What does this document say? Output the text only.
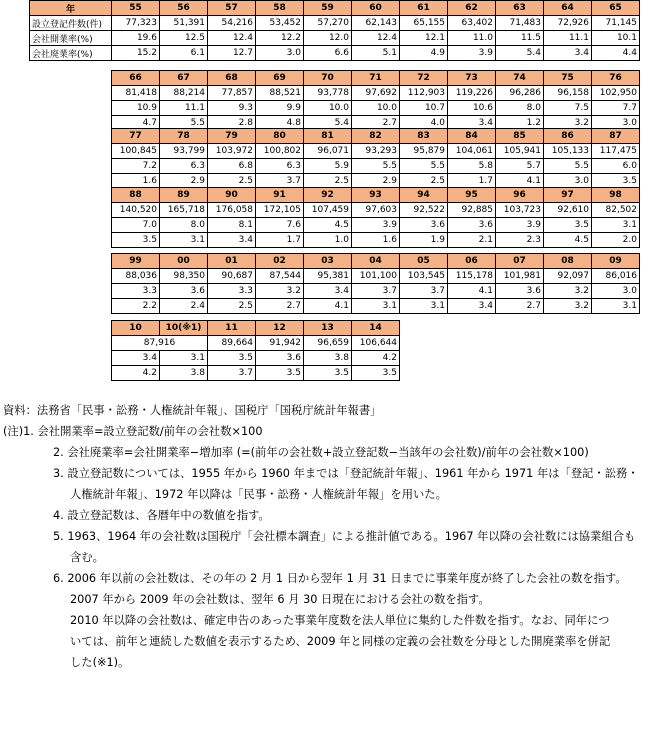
年	55	56	57	58	59	60	61	62	63	64	65
設立登記件数(件)	77,323	51,391	54,216	53,452	57,270	62,143	65,155	63,402	71,483	72,926	71,145
会社開業率(%)	19.6	12.5	12.4	12.2	12.0	12.4	12.1	11.0	11.5	11.1	10.1
会社廃業率(%)	15.2	6.1	12.7	3.0	6.6	5.1	4.9	3.9	5.4	3.4	4.4
66	67	68	69	70	71	72	73	74	75	76
81,418	88,214	77,857	88,521	93,778	97,692	112,903	119,226	96,286	96,158	102,950
10.9	11.1	9.3	9.9	10.0	10.0	10.7	10.6	8.0	7.5	7.7
4.7	5.5	2.8	4.8	5.4	2.7	4.0	3.4	1.2	3.2	3.0
77	78	79	80	81	82	83	84	85	86	87
100,845	93,799	103,972	100,802	96,071	93,293	95,879	104,061	105,941	105,133	117,475
7.2	6.3	6.8	6.3	5.9	5.5	5.5	5.8	5.7	5.5	6.0
1.6	2.9	2.5	3.7	2.5	2.9	2.5	1.7	4.1	3.0	3.5
88	89	90	91	92	93	94	95	96	97	98
140,520	165,718	176,058	172,105	107,459	97,603	92,522	92,885	103,723	92,610	82,502
7.0	8.0	8.1	7.6	4.5	3.9	3.6	3.6	3.9	3.5	3.1
3.5	3.1	3.4	1.7	1.0	1.6	1.9	2.1	2.3	4.5	2.0
99	00	01	02	03	04	05	06	07	08	09
88,036	98,350	90,687	87,544	95,381	101,100	103,545	115,178	101,981	92,097	86,016
3.3	3.6	3.3	3.2	3.4	3.7	3.7	4.1	3.6	3.2	3.0
2.2	2.4	2.5	2.7	4.1	3.1	3.1	3.4	2.7	3.2	3.1
10	10(※1)	11	12	13	14
87,916		89,664	91,942	96,659	106,644
3.4	3.1	3.5	3.6	3.8	4.2
4.2	3.8	3.7	3.5	3.5	3.5
資料：法務省「民事・訟務・人権統計年報」、国税庁「国税庁統計年報書」
(注)1. 会社開業率=設立登記数/前年の会社数×100
2. 会社廃業率=会社開業率−増加率 (=(前年の会社数+設立登記数−当該年の会社数)/前年の会社数×100)
3. 設立登記数については、1955 年から 1960 年までは「登記統計年報」、1961 年から 1971 年は「登記・訟務・
人権統計年報」、1972 年以降は「民事・訟務・人権統計年報」を用いた。
4. 設立登記数は、各暦年中の数値を指す。
5. 1963、1964 年の会社数は国税庁「会社標本調査」による推計値である。1967 年以降の会社数には協業組合も
含む。
6. 2006 年以前の会社数は、その年の 2 月 1 日から翌年 1 月 31 日までに事業年度が終了した会社の数を指す。
2007 年から 2009 年の会社数は、翌年 6 月 30 日現在における会社の数を指す。
2010 年以降の会社数は、確定申告のあった事業年度数を法人単位に集約した件数を指す。なお、同年につ
いては、前年と連続した数値を表示するため、2009 年と同様の定義の会社数を分母とした開廃業率を併記
した(※1)。
